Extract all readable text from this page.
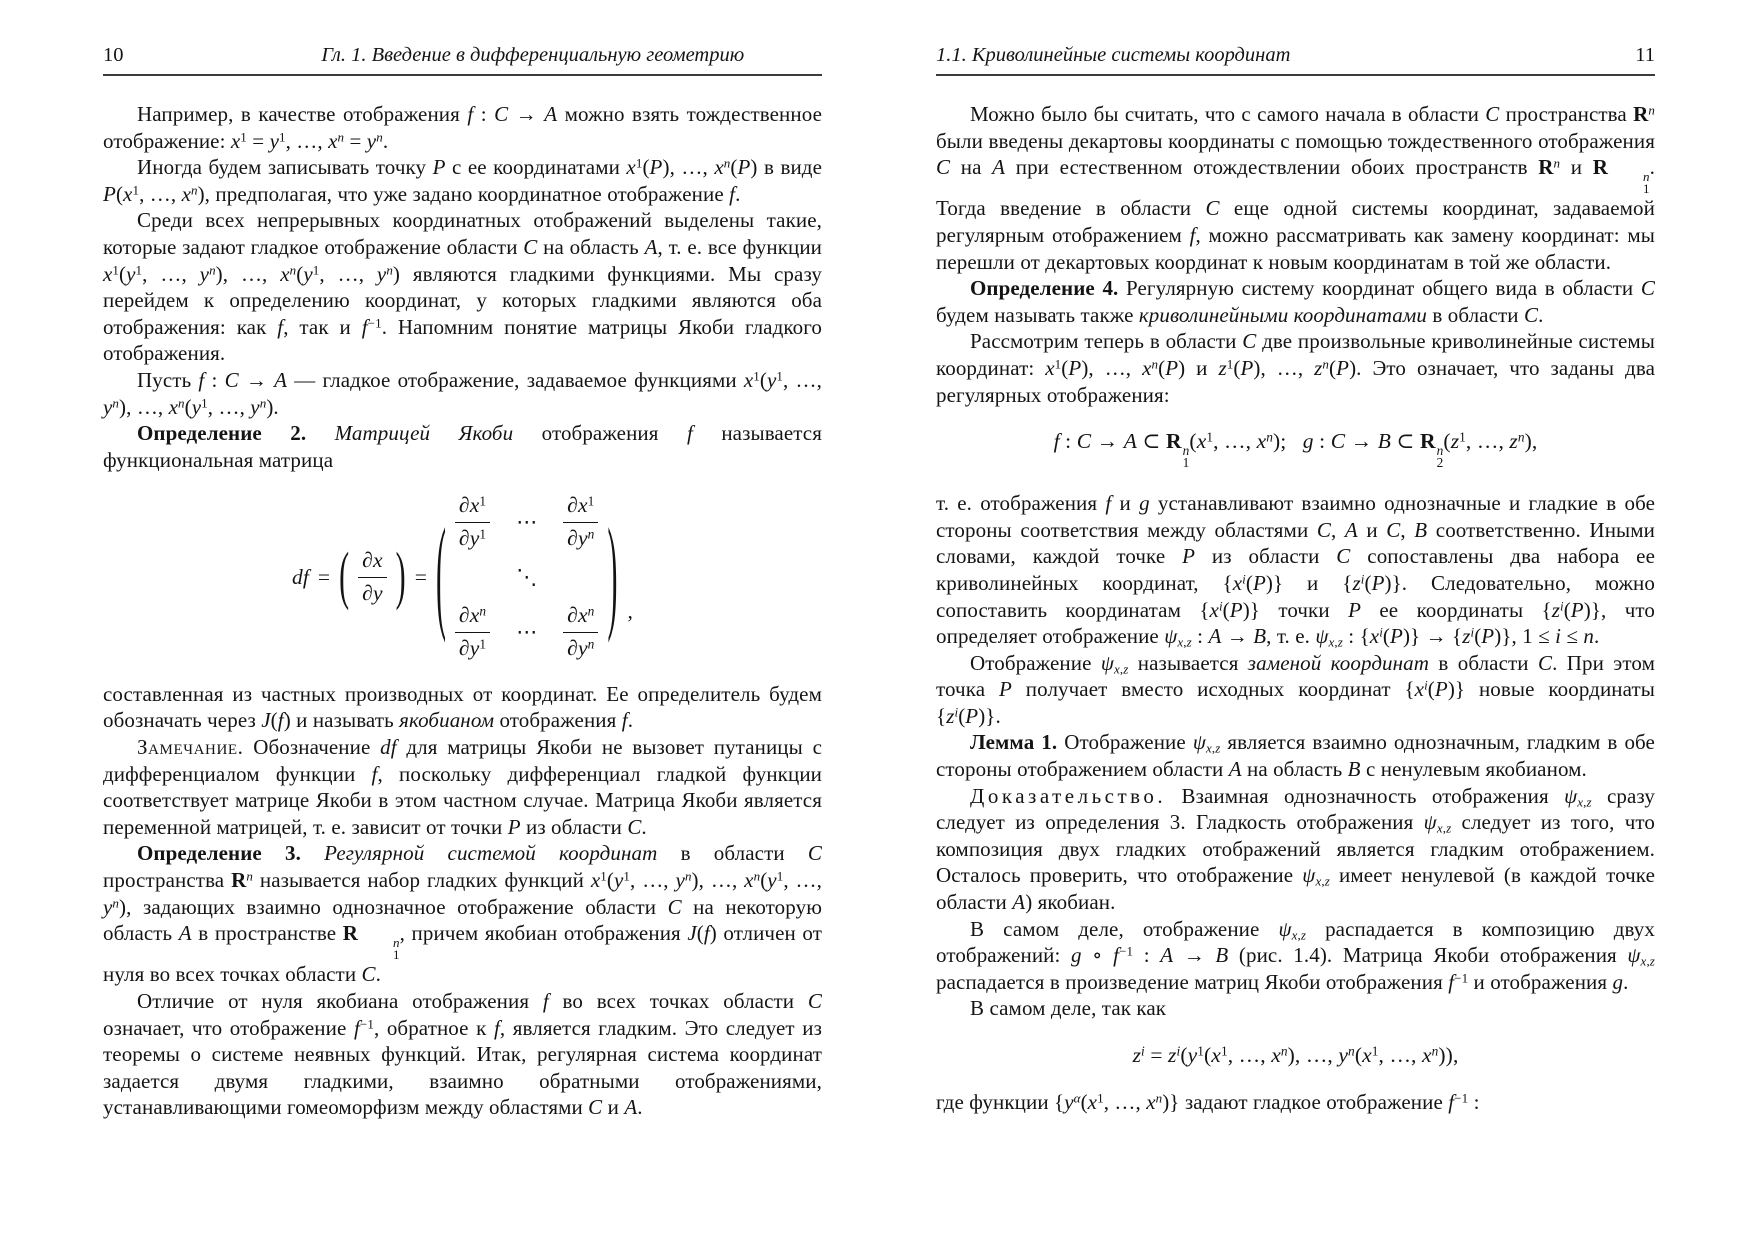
10	Гл. 1. Введение в дифференциальную геометрию

Например, в качестве отображения f : C → A можно взять тождественное отображение: $x^1 = y^1$, …, $x^n = y^n$.

Иногда будем записывать точку P с ее координатами $x^1(P)$, …, $x^n(P)$ в виде $P(x^1$, …, $x^n$), предполагая, что уже задано координатное отображение f.

Среди всех непрерывных координатных отображений выделены такие, которые задают гладкое отображение области C на область A, т. е. все функции $x^1(y^1$, …, $y^n$), …, $x^n(y^1$, …, $y^n$) являются гладкими функциями. Мы сразу перейдем к определению координат, у которых гладкими являются оба отображения: как f, так и $f^{-1}$. Напомним понятие матрицы Якоби гладкого отображения.

Пусть f : C → A — гладкое отображение, задаваемое функциями $x^1(y^1$, …, $y^n$), …, $x^n(y^1$, …, $y^n$).

Определение 2. Матрицей Якоби отображения f называется функциональная матрица

df = ( $\frac{\partial x}{\partial y}$ ) = ( $\frac{\partial x^1}{\partial y^1}$ ⋯ $\frac{\partial x^1}{\partial y^n}$
⋱
$\frac{\partial x^n}{\partial y^1}$ ⋯ $\frac{\partial x^n}{\partial y^n}$ ) ,

составленная из частных производных от координат. Ее определитель будем обозначать через J(f) и называть якобианом отображения f.

Замечание. Обозначение df для матрицы Якоби не вызовет путаницы с дифференциалом функции f, поскольку дифференциал гладкой функции соответствует матрице Якоби в этом частном случае. Матрица Якоби является переменной матрицей, т. е. зависит от точки P из области C.

Определение 3. Регулярной системой координат в области C пространства $R^n$ называется набор гладких функций $x^1(y^1$, …, $y^n$), …, $x^n(y^1$, …, $y^n$), задающих взаимно однозначное отображение области C на некоторую область A в пространстве R	n
1
, причем якобиан отображения J(f) отличен от нуля во всех точках области C.

Отличие от нуля якобиана отображения f во всех точках области C означает, что отображение $f^{-1}$, обратное к f, является гладким. Это следует из теоремы о системе неявных функций. Итак, регулярная система координат задается двумя гладкими, взаимно обратными отображениями, устанавливающими гомеоморфизм между областями C и A.

1.1. Криволинейные системы координат	11

Можно было бы считать, что с самого начала в области C пространства $R^n$ были введены декартовы координаты с помощью тождественного отображения C на A при естественном отождествлении обоих пространств $R^n$ и R	n
1
. Тогда введение в области C еще одной системы координат, задаваемой регулярным отображением f, можно рассматривать как замену координат: мы перешли от декартовых координат к новым координатам в той же области.

Определение 4. Регулярную систему координат общего вида в области C будем называть также криволинейными координатами в области C.

Рассмотрим теперь в области C две произвольные криволинейные системы координат: $x^1(P)$, …, $x^n(P)$ и $z^1(P)$, …, $z^n(P)$. Это означает, что заданы два регулярных отображения:

f : C → A ⊂ R n
1
($x^1$, …, $x^n$);   g : C → B ⊂ R n
2
($z^1$, …, $z^n$),

т. е. отображения f и g устанавливают взаимно однозначные и гладкие в обе стороны соответствия между областями C, A и C, B соответственно. Иными словами, каждой точке P из области C сопоставлены два набора ее криволинейных координат, $\{x^i(P)\}$ и $\{z^i(P)\}$. Следовательно, можно сопоставить координатам $\{x^i(P)\}$ точки P ее координаты $\{z^i(P)\}$, что определяет отображение $\psi_{x,z}$ : A → B, т. е. $\psi_{x,z}$ : $\{x^i(P)\} \to \{z^i(P)\}$, 1 ≤ i ≤ n.

Отображение $\psi_{x,z}$ называется заменой координат в области C. При этом точка P получает вместо исходных координат $\{x^i(P)\}$ новые координаты $\{z^i(P)\}$.

Лемма 1. Отображение $\psi_{x,z}$ является взаимно однозначным, гладким в обе стороны отображением области A на область B с ненулевым якобианом.

Доказательство. Взаимная однозначность отображения $\psi_{x,z}$ сразу следует из определения 3. Гладкость отображения $\psi_{x,z}$ следует из того, что композиция двух гладких отображений является гладким отображением. Осталось проверить, что отображение $\psi_{x,z}$ имеет ненулевой (в каждой точке области A) якобиан.

В самом деле, отображение $\psi_{x,z}$ распадается в композицию двух отображений: g ∘ $f^{-1}$ : A → B (рис. 1.4). Матрица Якоби отображения $\psi_{x,z}$ распадается в произведение матриц Якоби отображения $f^{-1}$ и отображения g.

В самом деле, так как

$z^i = z^i(y^1(x^1$, …, $x^n$), …, $y^n(x^1$, …, $x^n$)),

где функции {$y^\alpha(x^1$, …, $x^n$)} задают гладкое отображение $f^{-1}$ :
